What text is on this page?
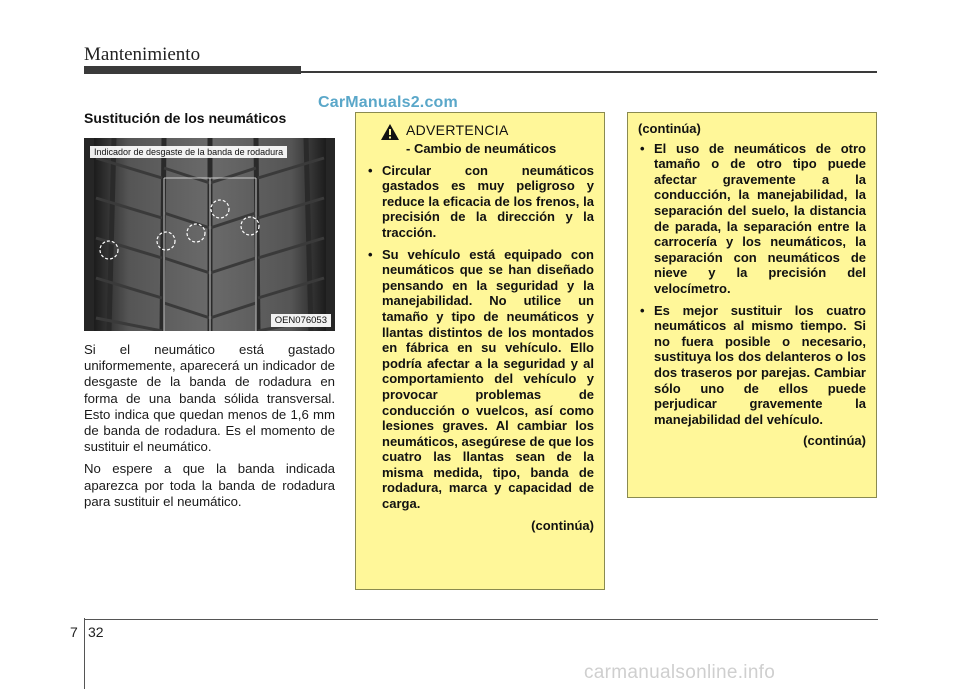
Mantenimiento
CarManuals2.com
Sustitución de los neumáticos
Indicador de desgaste de la banda de rodadura
OEN076053

Si el neumático está gastado uniformemente, aparecerá un indicador de desgaste de la banda de rodadura en forma de una banda sólida transversal. Esto indica que quedan menos de 1,6 mm de banda de rodadura. Es el momento de sustituir el neumático.

No espere a que la banda indicada aparezca por toda la banda de rodadura para sustituir el neumático.

ADVERTENCIA
- Cambio de neumáticos
• Circular con neumáticos gastados es muy peligroso y reduce la eficacia de los frenos, la precisión de la dirección y la tracción.
• Su vehículo está equipado con neumáticos que se han diseñado pensando en la seguridad y la manejabilidad. No utilice un tamaño y tipo de neumáticos y llantas distintos de los montados en fábrica en su vehículo. Ello podría afectar a la seguridad y al comportamiento del vehículo y provocar problemas de conducción o vuelcos, así como lesiones graves. Al cambiar los neumáticos, asegúrese de que los cuatro las llantas sean de la misma medida, tipo, banda de rodadura, marca y capacidad de carga.
(continúa)
(continúa)
• El uso de neumáticos de otro tamaño o de otro tipo puede afectar gravemente a la conducción, la manejabilidad, la separación del suelo, la distancia de parada, la separación entre la carrocería y los neumáticos, la separación con neumáticos de nieve y la precisión del velocímetro.
• Es mejor sustituir los cuatro neumáticos al mismo tiempo. Si no fuera posible o necesario, sustituya los dos delanteros o los dos traseros por parejas. Cambiar sólo uno de ellos puede perjudicar gravemente la manejabilidad del vehículo.
(continúa)
7 32
carmanualsonline.info
